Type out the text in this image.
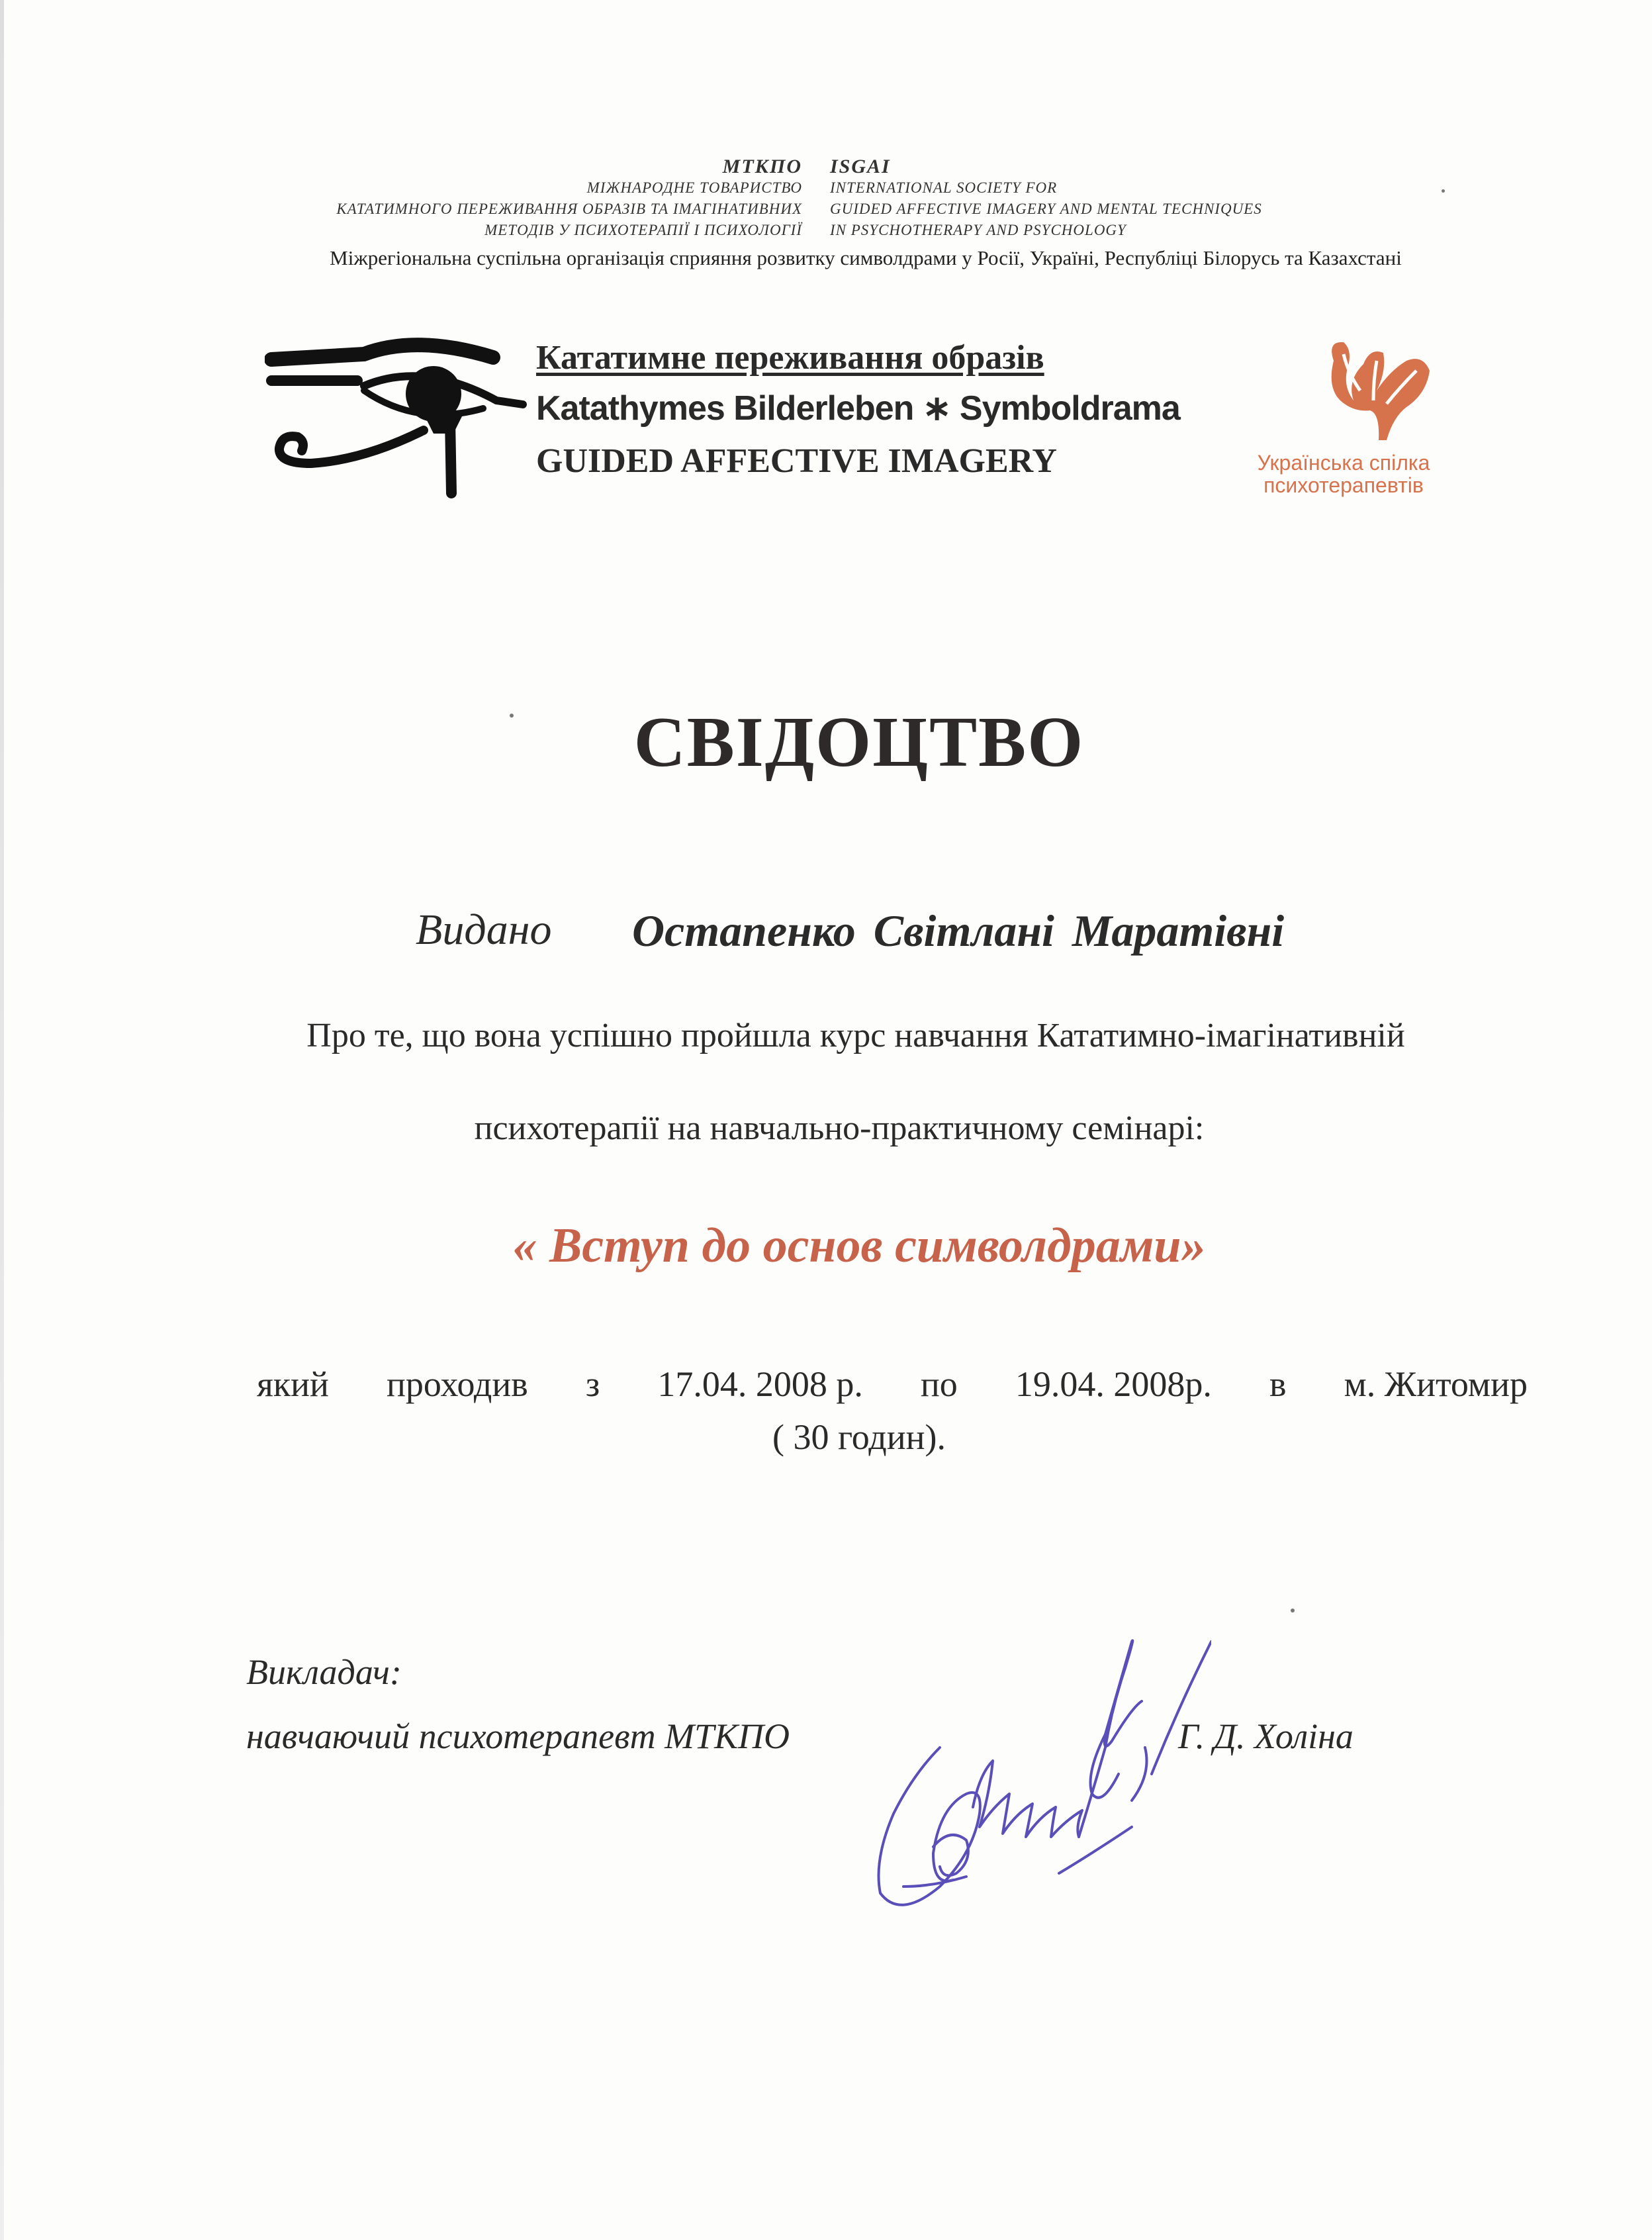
МТКПО
МІЖНАРОДНЕ ТОВАРИСТВО
КАТАТИМНОГО ПЕРЕЖИВАННЯ ОБРАЗІВ ТА ІМАГІНАТИВНИХ
МЕТОДІВ У ПСИХОТЕРАПІЇ І ПСИХОЛОГІЇ
ISGAI
INTERNATIONAL SOCIETY FOR
GUIDED AFFECTIVE IMAGERY AND MENTAL TECHNIQUES
IN PSYCHOTHERAPY AND PSYCHOLOGY
Міжрегіональна суспільна організація сприяння розвитку символдрами у Росії, Україні, Республіці Білорусь та Казахстані
Кататимне переживання образів
Katathymes Bilderleben ∗ Symboldrama
GUIDED AFFECTIVE IMAGERY	Українська спілка
психотерапевтів
СВІДОЦТВО
Видано Остапенко Світлані Маратівні
Про те, що вона успішно пройшла курс навчання Кататимно-імагінативній
психотерапії на навчально-практичному семінарі:
« Вступ до основ символдрами»
який проходив з 17.04. 2008 р. по 19.04. 2008р. в м. Житомир
( 30 годин).
Викладач:
навчаючий психотерапевт МТКПО	Г. Д. Холіна
